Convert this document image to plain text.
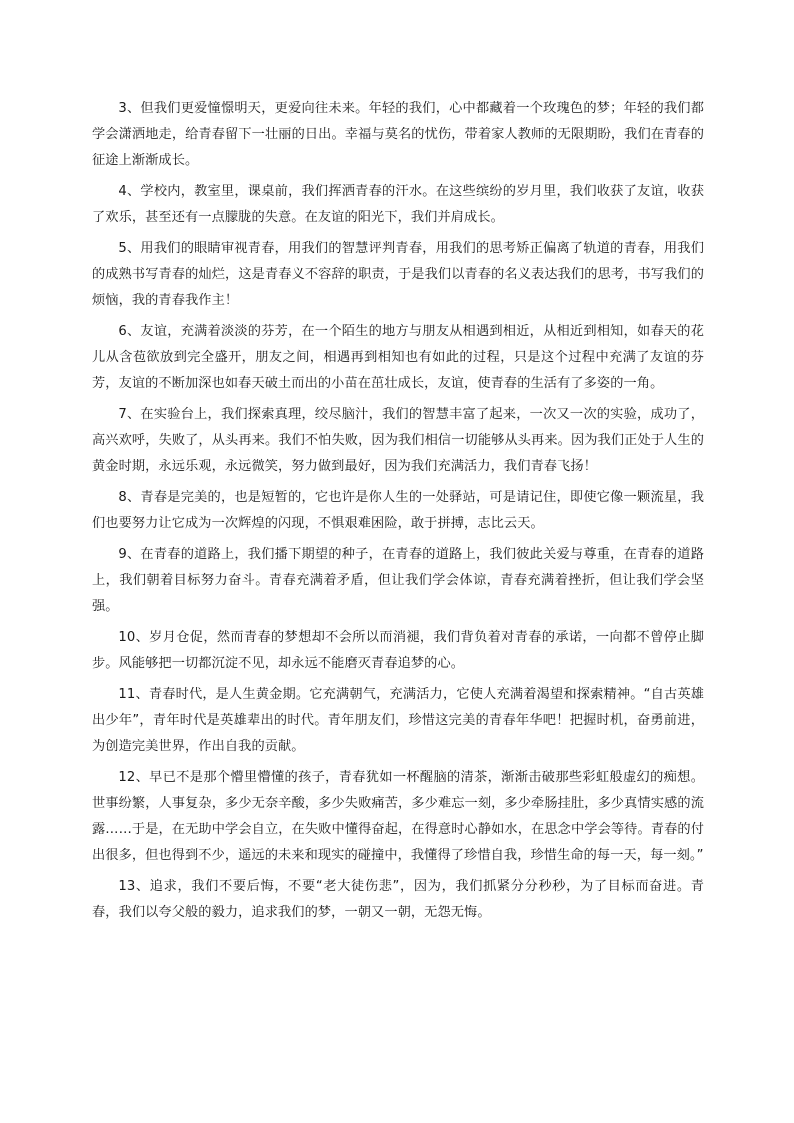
3、但我们更爱憧憬明天，更爱向往未来。年轻的我们，心中都藏着一个玫瑰色的梦；年轻的我们都学会潇洒地走，给青春留下一壮丽的日出。幸福与莫名的忧伤，带着家人教师的无限期盼，我们在青春的征途上渐渐成长。

4、学校内，教室里，课桌前，我们挥洒青春的汗水。在这些缤纷的岁月里，我们收获了友谊，收获了欢乐，甚至还有一点朦胧的失意。在友谊的阳光下，我们并肩成长。

5、用我们的眼睛审视青春，用我们的智慧评判青春，用我们的思考矫正偏离了轨道的青春，用我们的成熟书写青春的灿烂，这是青春义不容辞的职责，于是我们以青春的名义表达我们的思考，书写我们的烦恼，我的青春我作主！

6、友谊，充满着淡淡的芬芳，在一个陌生的地方与朋友从相遇到相近，从相近到相知，如春天的花儿从含苞欲放到完全盛开，朋友之间，相遇再到相知也有如此的过程，只是这个过程中充满了友谊的芬芳，友谊的不断加深也如春天破土而出的小苗在茁壮成长，友谊，使青春的生活有了多姿的一角。

7、在实验台上，我们探索真理，绞尽脑汁，我们的智慧丰富了起来，一次又一次的实验，成功了，高兴欢呼，失败了，从头再来。我们不怕失败，因为我们相信一切能够从头再来。因为我们正处于人生的黄金时期，永远乐观，永远微笑，努力做到最好，因为我们充满活力，我们青春飞扬！

8、青春是完美的，也是短暂的，它也许是你人生的一处驿站，可是请记住，即使它像一颗流星，我们也要努力让它成为一次辉煌的闪现，不惧艰难困险，敢于拼搏，志比云天。

9、在青春的道路上，我们播下期望的种子，在青春的道路上，我们彼此关爱与尊重，在青春的道路上，我们朝着目标努力奋斗。青春充满着矛盾，但让我们学会体谅，青春充满着挫折，但让我们学会坚强。

10、岁月仓促，然而青春的梦想却不会所以而消褪，我们背负着对青春的承诺，一向都不曾停止脚步。风能够把一切都沉淀不见，却永远不能磨灭青春追梦的心。

11、青春时代，是人生黄金期。它充满朝气，充满活力，它使人充满着渴望和探索精神。“自古英雄出少年”，青年时代是英雄辈出的时代。青年朋友们，珍惜这完美的青春年华吧！把握时机，奋勇前进，为创造完美世界，作出自我的贡献。

12、早已不是那个懵里懵懂的孩子，青春犹如一杯醒脑的清茶，渐渐击破那些彩虹般虚幻的痴想。世事纷繁，人事复杂，多少无奈辛酸，多少失败痛苦，多少难忘一刻，多少牵肠挂肚，多少真情实感的流露……于是，在无助中学会自立，在失败中懂得奋起，在得意时心静如水，在思念中学会等待。青春的付出很多，但也得到不少，遥远的未来和现实的碰撞中，我懂得了珍惜自我，珍惜生命的每一天，每一刻。”

13、追求，我们不要后悔，不要“老大徒伤悲”，因为，我们抓紧分分秒秒，为了目标而奋进。青春，我们以夸父般的毅力，追求我们的梦，一朝又一朝，无怨无悔。
